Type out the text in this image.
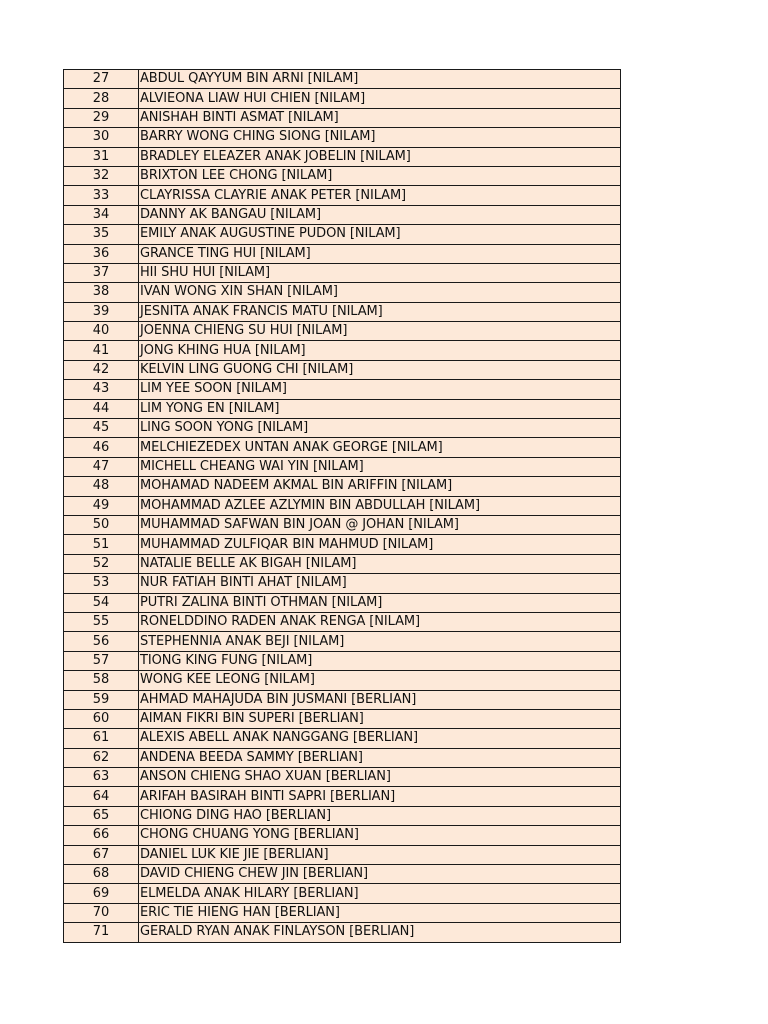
27	ABDUL QAYYUM BIN ARNI [NILAM]
28	ALVIEONA LIAW HUI CHIEN [NILAM]
29	ANISHAH BINTI ASMAT [NILAM]
30	BARRY WONG CHING SIONG [NILAM]
31	BRADLEY ELEAZER ANAK JOBELIN [NILAM]
32	BRIXTON LEE CHONG [NILAM]
33	CLAYRISSA CLAYRIE ANAK PETER [NILAM]
34	DANNY AK BANGAU [NILAM]
35	EMILY ANAK AUGUSTINE PUDON [NILAM]
36	GRANCE TING HUI [NILAM]
37	HII SHU HUI [NILAM]
38	IVAN WONG XIN SHAN [NILAM]
39	JESNITA ANAK FRANCIS MATU [NILAM]
40	JOENNA CHIENG SU HUI [NILAM]
41	JONG KHING HUA [NILAM]
42	KELVIN LING GUONG CHI [NILAM]
43	LIM YEE SOON [NILAM]
44	LIM YONG EN [NILAM]
45	LING SOON YONG [NILAM]
46	MELCHIEZEDEX UNTAN ANAK GEORGE [NILAM]
47	MICHELL CHEANG WAI YIN [NILAM]
48	MOHAMAD NADEEM AKMAL BIN ARIFFIN [NILAM]
49	MOHAMMAD AZLEE AZLYMIN BIN ABDULLAH [NILAM]
50	MUHAMMAD SAFWAN BIN JOAN @ JOHAN [NILAM]
51	MUHAMMAD ZULFIQAR BIN MAHMUD [NILAM]
52	NATALIE BELLE AK BIGAH [NILAM]
53	NUR FATIAH BINTI AHAT [NILAM]
54	PUTRI ZALINA BINTI OTHMAN [NILAM]
55	RONELDDINO RADEN ANAK RENGA [NILAM]
56	STEPHENNIA ANAK BEJI [NILAM]
57	TIONG KING FUNG [NILAM]
58	WONG KEE LEONG [NILAM]
59	AHMAD MAHAJUDA BIN JUSMANI [BERLIAN]
60	AIMAN FIKRI BIN SUPERI [BERLIAN]
61	ALEXIS ABELL ANAK NANGGANG [BERLIAN]
62	ANDENA BEEDA SAMMY [BERLIAN]
63	ANSON CHIENG SHAO XUAN [BERLIAN]
64	ARIFAH BASIRAH BINTI SAPRI [BERLIAN]
65	CHIONG DING HAO [BERLIAN]
66	CHONG CHUANG YONG [BERLIAN]
67	DANIEL LUK KIE JIE [BERLIAN]
68	DAVID CHIENG CHEW JIN [BERLIAN]
69	ELMELDA ANAK HILARY [BERLIAN]
70	ERIC TIE HIENG HAN [BERLIAN]
71	GERALD RYAN ANAK FINLAYSON [BERLIAN]
